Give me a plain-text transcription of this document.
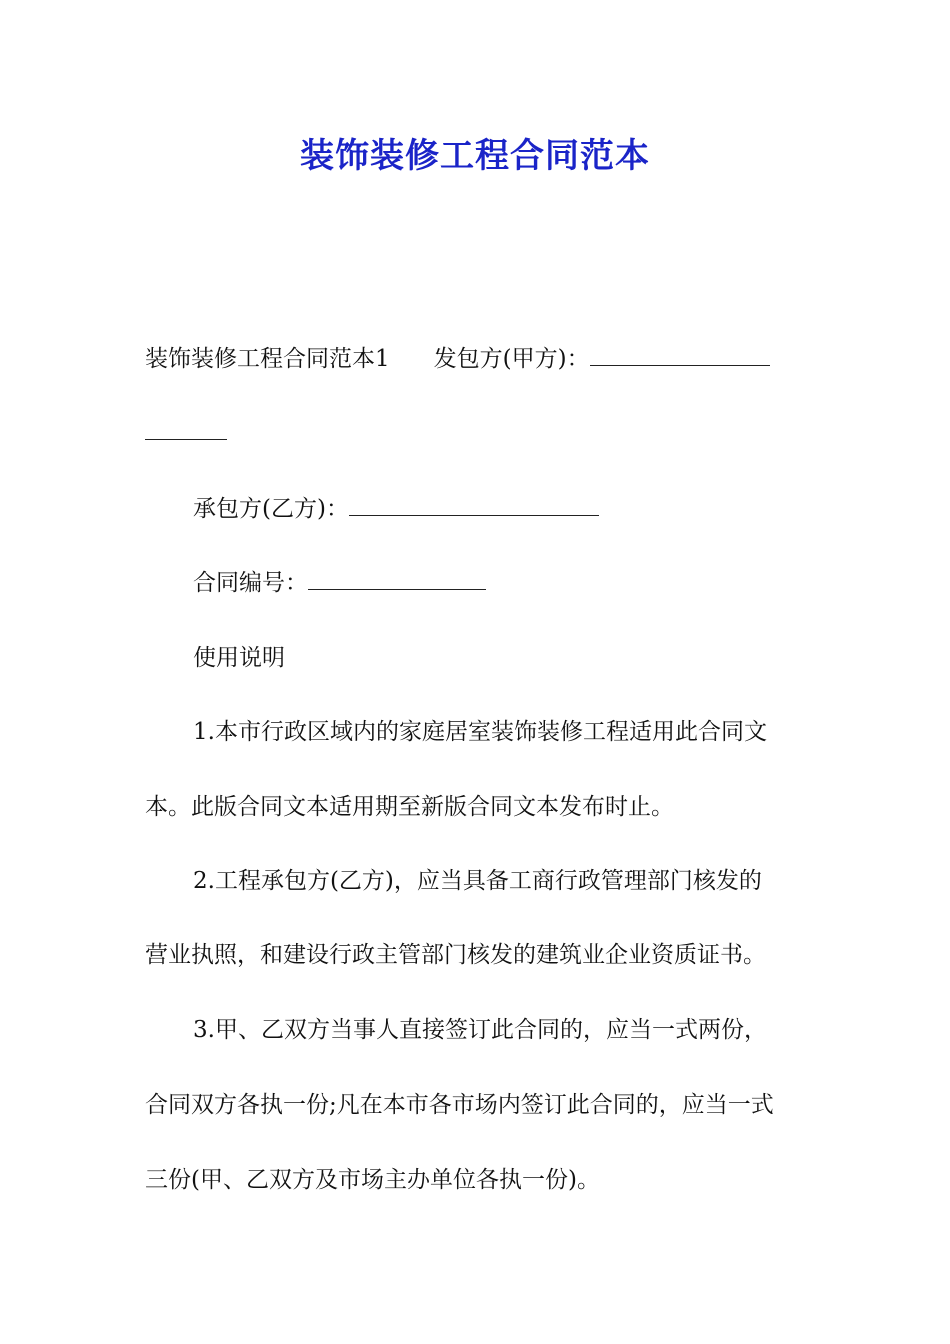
装饰装修工程合同范本
装饰装修工程合同范本1 发包方(甲方)：
承包方(乙方)：
合同编号：
使用说明
1.本市行政区域内的家庭居室装饰装修工程适用此合同文
本。此版合同文本适用期至新版合同文本发布时止。
2.工程承包方(乙方)，应当具备工商行政管理部门核发的
营业执照，和建设行政主管部门核发的建筑业企业资质证书。
3.甲、乙双方当事人直接签订此合同的，应当一式两份，
合同双方各执一份;凡在本市各市场内签订此合同的，应当一式
三份(甲、乙双方及市场主办单位各执一份)。
